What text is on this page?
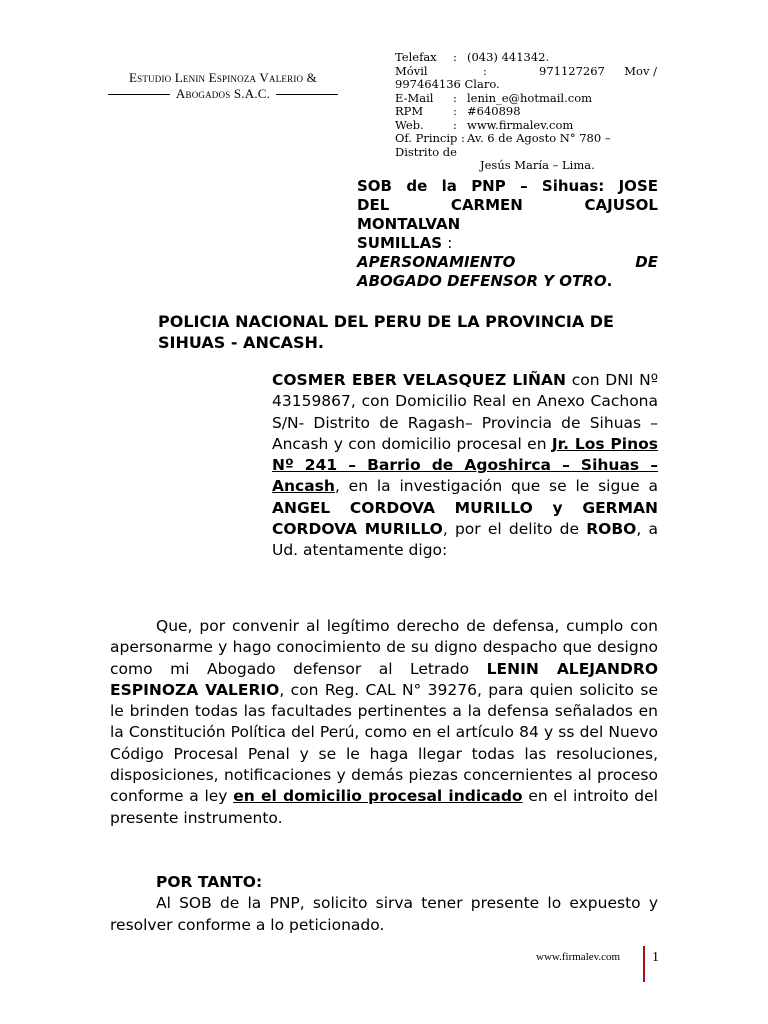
Estudio Lenin Espinoza Valerio &
Abogados S.A.C.
Telefax	: (043) 441342.
Móvil	:	971127267 Mov /
997464136 Claro.
E-Mail	: lenin_e@hotmail.com
RPM	: #640898
Web.	: www.firmalev.com
Of. Princip : Av. 6 de Agosto N° 780 –
Distrito de
Jesús María – Lima.
SOB de la PNP – Sihuas: JOSE
DEL CARMEN CAJUSOL
MONTALVAN
SUMILLAS :
APERSONAMIENTO DE
ABOGADO DEFENSOR Y OTRO.
POLICIA NACIONAL DEL PERU DE LA PROVINCIA DE SIHUAS - ANCASH.
COSMER EBER VELASQUEZ LIÑAN con DNI Nº 43159867, con Domicilio Real en Anexo Cachona S/N- Distrito de Ragash– Provincia de Sihuas – Ancash y con domicilio procesal en Jr. Los Pinos Nº 241 – Barrio de Agoshirca – Sihuas – Ancash, en la investigación que se le sigue a ANGEL CORDOVA MURILLO y GERMAN CORDOVA MURILLO, por el delito de ROBO, a Ud. atentamente digo:
Que, por convenir al legítimo derecho de defensa, cumplo con apersonarme y hago conocimiento de su digno despacho que designo como mi Abogado defensor al Letrado LENIN ALEJANDRO ESPINOZA VALERIO, con Reg. CAL N° 39276, para quien solicito se le brinden todas las facultades pertinentes a la defensa señalados en la Constitución Política del Perú, como en el artículo 84 y ss del Nuevo Código Procesal Penal y se le haga llegar todas las resoluciones, disposiciones, notificaciones y demás piezas concernientes al proceso conforme a ley en el domicilio procesal indicado en el introito del presente instrumento.
POR TANTO:
Al SOB de la PNP, solicito sirva tener presente lo expuesto y resolver conforme a lo peticionado.
www.firmalev.com 1
